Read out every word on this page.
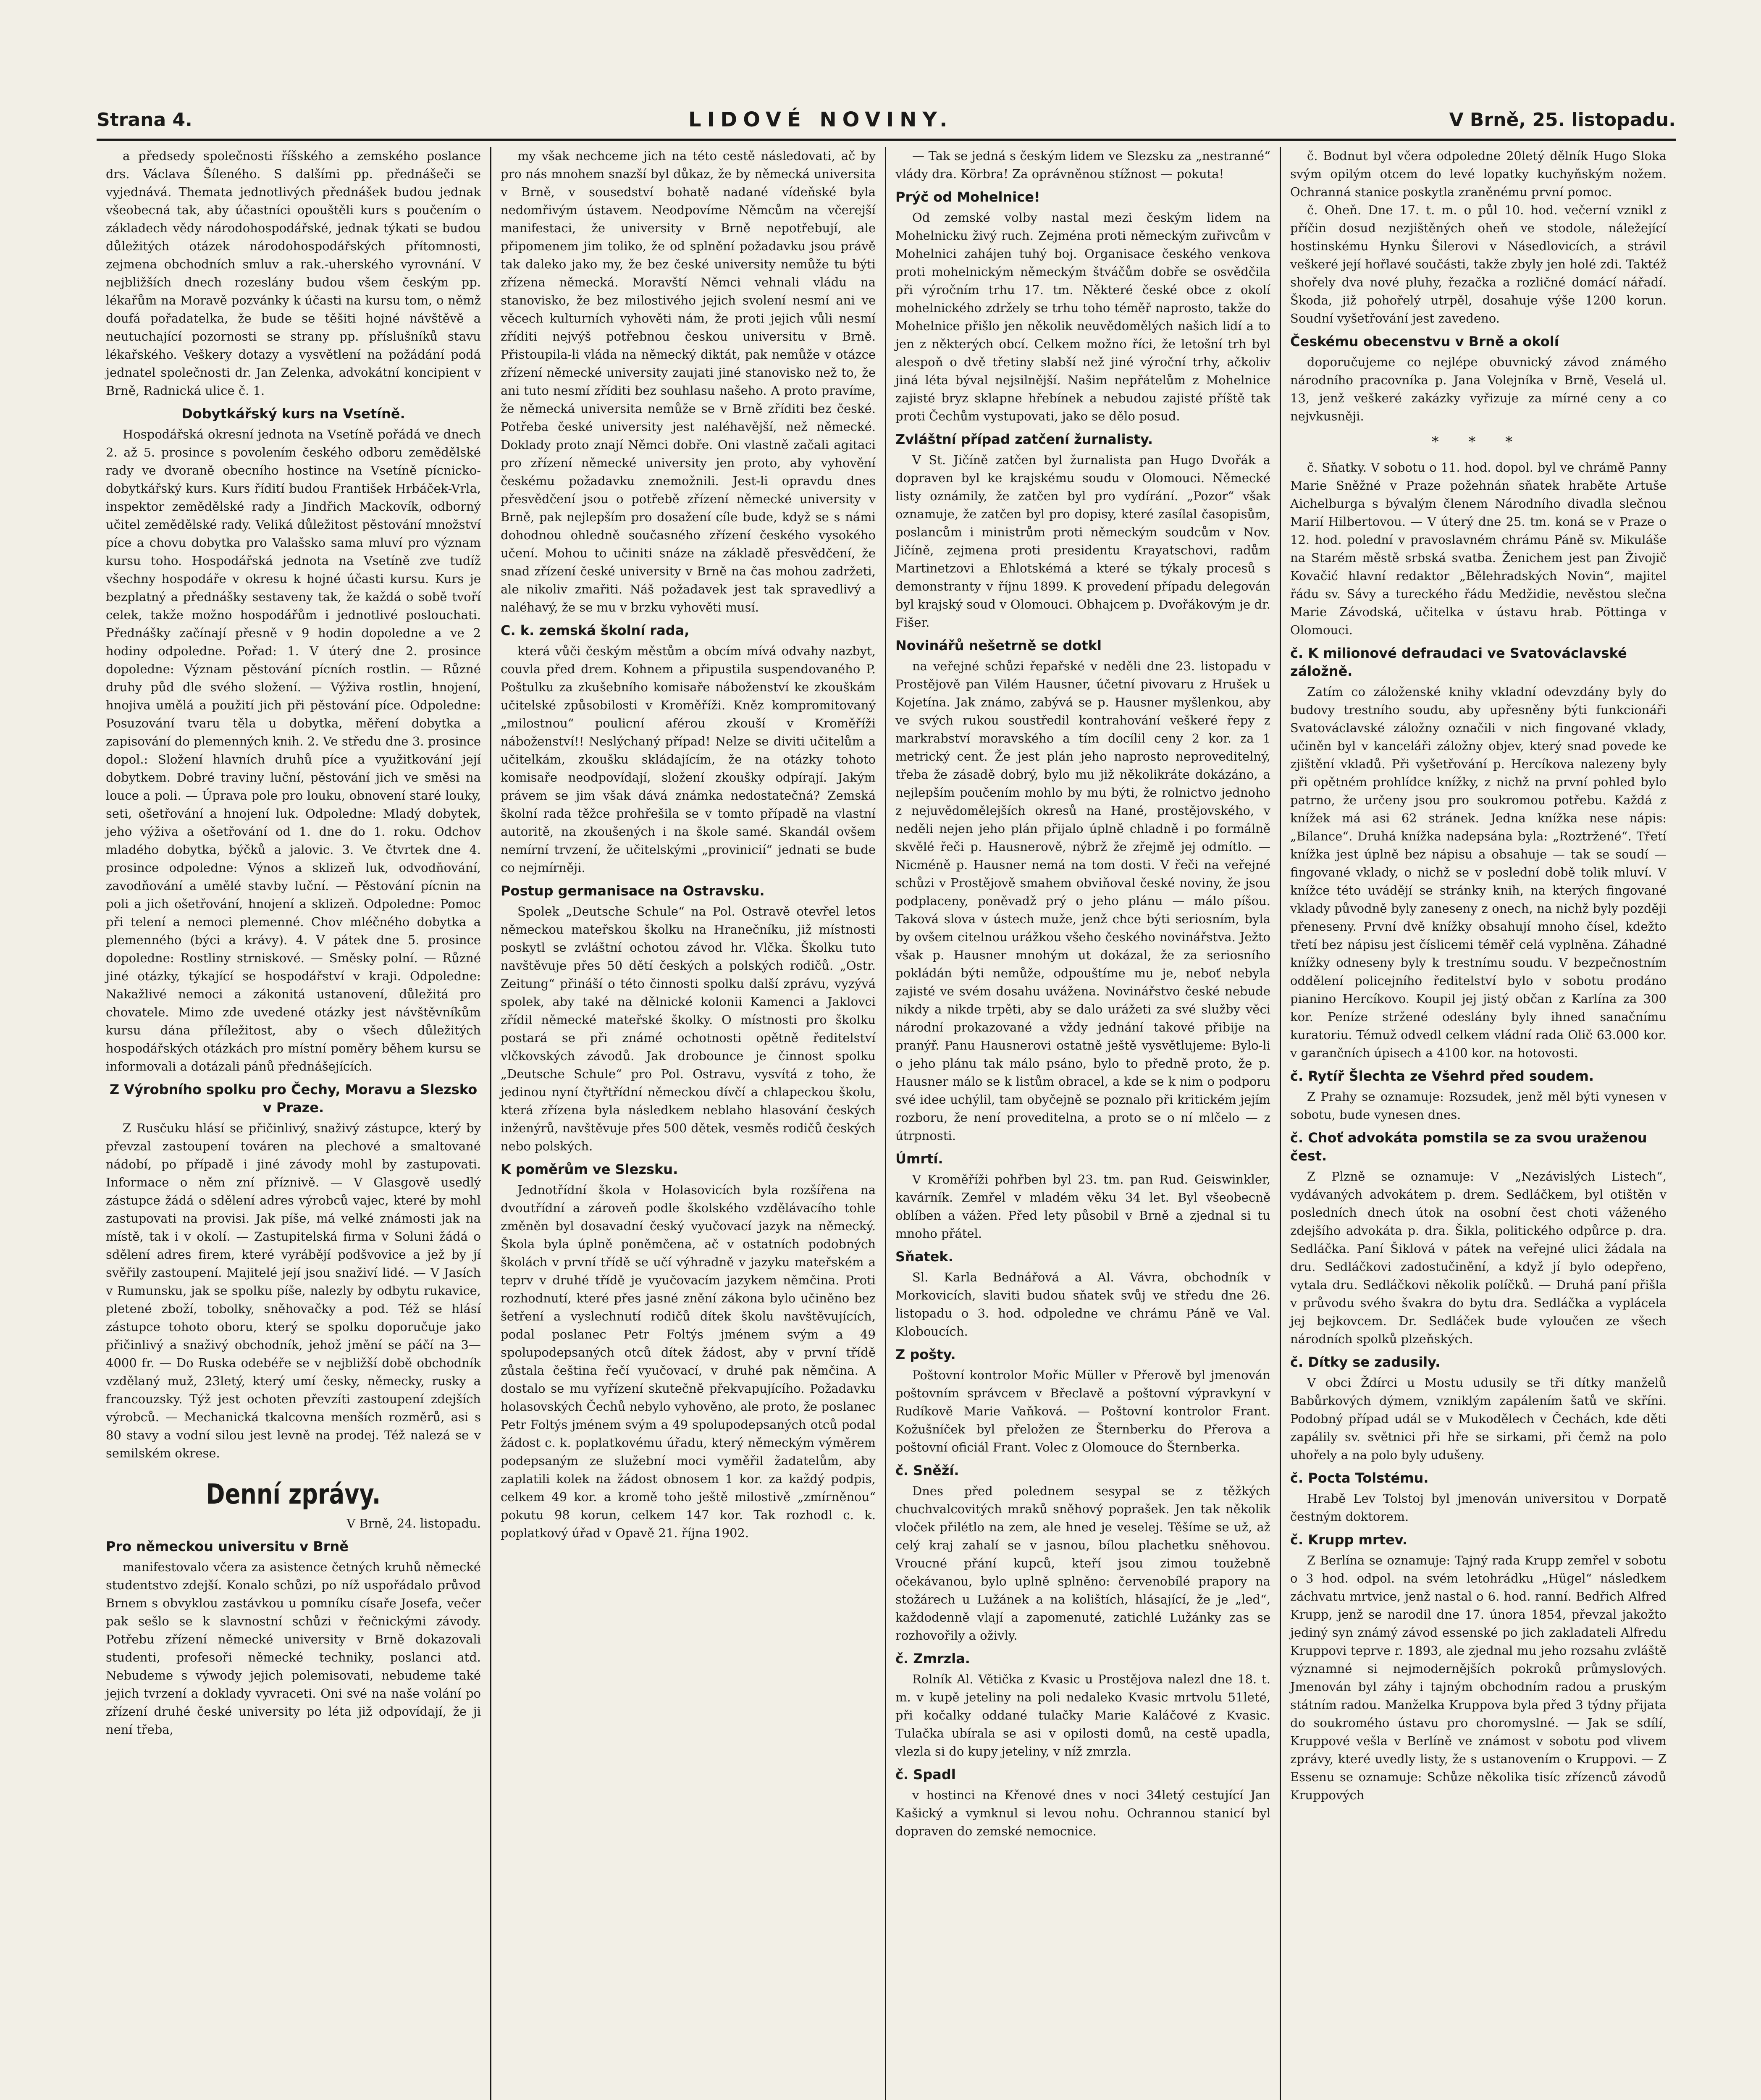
Strana 4.	LIDOVÉ NOVINY.	V Brně, 25. listopadu.

a předsedy společnosti říšského a zemského poslance drs. Václava Šíleného. S dalšími pp. přednášeči se vyjednává. Themata jednotlivých přednášek budou jednak všeobecná tak, aby účastníci opouštěli kurs s poučením o základech vědy národohospodářské, jednak týkati se budou důležitých otázek národohospodářských přítomnosti, zejmena obchodních smluv a rak.-uherského vyrovnání. V nejbližších dnech rozeslány budou všem českým pp. lékařům na Moravě pozvánky k účasti na kursu tom, o němž doufá pořadatelka, že bude se těšiti hojné návštěvě a neutuchající pozornosti se strany pp. příslušníků stavu lékařského. Veškery dotazy a vysvětlení na požádání podá jednatel společnosti dr. Jan Zelenka, advokátní koncipient v Brně, Radnická ulice č. 1.

Dobytkářský kurs na Vsetíně.

Hospodářská okresní jednota na Vsetíně pořádá ve dnech 2. až 5. prosince s povolením českého odboru zemědělské rady ve dvoraně obecního hostince na Vsetíně pícnicko-dobytkářský kurs. Kurs řídití budou František Hrbáček-Vrla, inspektor zemědělské rady a Jindřich Mackovík, odborný učitel zemědělské rady. Veliká důležitost pěstování množství píce a chovu dobytka pro Valašsko sama mluví pro význam kursu toho. Hospodářská jednota na Vsetíně zve tudíž všechny hospodáře v okresu k hojné účasti kursu. Kurs je bezplatný a přednášky sestaveny tak, že každá o sobě tvoří celek, takže možno hospodářům i jednotlivé poslouchati. Přednášky začínají přesně v 9 hodin dopoledne a ve 2 hodiny odpoledne. Pořad: 1. V úterý dne 2. prosince dopoledne: Význam pěstování pícních rostlin. — Různé druhy půd dle svého složení. — Výživa rostlin, hnojení, hnojiva umělá a použití jich při pěstování píce. Odpoledne: Posuzování tvaru těla u dobytka, měření dobytka a zapisování do plemenných knih. 2. Ve středu dne 3. prosince dopol.: Složení hlavních druhů píce a využitkování její dobytkem. Dobré traviny luční, pěstování jich ve směsi na louce a poli. — Úprava pole pro louku, obnovení staré louky, seti, ošetřování a hnojení luk. Odpoledne: Mladý dobytek, jeho výživa a ošetřování od 1. dne do 1. roku. Odchov mladého dobytka, býčků a jalovic. 3. Ve čtvrtek dne 4. prosince odpoledne: Výnos a sklizeň luk, odvodňování, zavodňování a umělé stavby luční. — Pěstování pícnin na poli a jich ošetřování, hnojení a sklizeň. Odpoledne: Pomoc při telení a nemoci plemenné. Chov mléčného dobytka a plemenného (býci a krávy). 4. V pátek dne 5. prosince dopoledne: Rostliny strniskové. — Směsky polní. — Různé jiné otázky, týkající se hospodářství v kraji. Odpoledne: Nakažlivé nemoci a zákonitá ustanovení, důležitá pro chovatele. Mimo zde uvedené otázky jest návštěvníkům kursu dána příležitost, aby o všech důležitých hospodářských otázkách pro místní poměry během kursu se informovali a dotázali pánů přednášejících.

Z Výrobního spolku pro Čechy, Moravu a Slezsko v Praze.

Z Rusčuku hlásí se přičinlivý, snaživý zástupce, který by převzal zastoupení továren na plechové a smaltované nádobí, po případě i jiné závody mohl by zastupovati. Informace o něm zní příznivě. — V Glasgově usedlý zástupce žádá o sdělení adres výrobců vajec, které by mohl zastupovati na provisi. Jak píše, má velké známosti jak na místě, tak i v okolí. — Zastupitelská firma v Soluni žádá o sdělení adres firem, které vyrábějí podšvovice a jež by jí svěřily zastoupení. Majitelé její jsou snaživí lidé. — V Jasích v Rumunsku, jak se spolku píše, nalezly by odbytu rukavice, pletené zboží, tobolky, sněhovačky a pod. Též se hlásí zástupce tohoto oboru, který se spolku doporučuje jako přičinlivý a snaživý obchodník, jehož jmění se páčí na 3—4000 fr. — Do Ruska odebéře se v nejbližší době obchodník vzdělaný muž, 23letý, který umí česky, německy, rusky a francouzsky. Týž jest ochoten převzíti zastoupení zdejších výrobců. — Mechanická tkalcovna menších rozměrů, asi s 80 stavy a vodní silou jest levně na prodej. Též nalezá se v semilském okrese.

Denní zprávy.
V Brně, 24. listopadu.

Pro německou universitu v Brně

manifestovalo včera za asistence četných kruhů německé studentstvo zdejší. Konalo schůzi, po níž uspořádalo průvod Brnem s obvyklou zastávkou u pomníku císaře Josefa, večer pak sešlo se k slavnostní schůzi v řečnickými závody. Potřebu zřízení německé university v Brně dokazovali studenti, profesoři německé techniky, poslanci atd. Nebudeme s výwody jejich polemisovati, nebudeme také jejich tvrzení a doklady vyvraceti. Oni své na naše volání po zřízení druhé české university po léta již odpovídají, že ji není třeba,

my však nechceme jich na této cestě následovati, ač by pro nás mnohem snazší byl důkaz, že by německá universita v Brně, v sousedství bohatě nadané vídeňské byla nedomřivým ústavem. Neodpovíme Němcům na včerejší manifestaci, že university v Brně nepotřebují, ale připomenem jim toliko, že od splnění požadavku jsou právě tak daleko jako my, že bez české university nemůže tu býti zřízena německá. Moravští Němci vehnali vládu na stanovisko, že bez milostivého jejich svolení nesmí ani ve věcech kulturních vyhověti nám, že proti jejich vůli nesmí zříditi nejvýš potřebnou českou universitu v Brně. Přistoupila-li vláda na německý diktát, pak nemůže v otázce zřízení německé university zaujati jiné stanovisko než to, že ani tuto nesmí zříditi bez souhlasu našeho. A proto pravíme, že německá universita nemůže se v Brně zříditi bez české. Potřeba české university jest naléhavější, než německé. Doklady proto znají Němci dobře. Oni vlastně začali agitaci pro zřízení německé university jen proto, aby vyhovění českému požadavku znemožnili. Jest-li opravdu dnes přesvědčení jsou o potřebě zřízení německé university v Brně, pak nejlepším pro dosažení cíle bude, když se s námi dohodnou ohledně současného zřízení českého vysokého učení. Mohou to učiniti snáze na základě přesvědčení, že snad zřízení české university v Brně na čas mohou zadržeti, ale nikoliv zmařiti. Náš požadavek jest tak spravedlivý a naléhavý, že se mu v brzku vyhověti musí.

C. k. zemská školní rada,

která vůči českým městům a obcím mívá odvahy nazbyt, couvla před drem. Kohnem a připustila suspendovaného P. Poštulku za zkušebního komisaře náboženství ke zkouškám učitelské způsobilosti v Kroměříži. Kněz kompromitovaný „milostnou“ poulicní aférou zkouší v Kroměříži náboženství!! Neslýchaný případ! Nelze se diviti učitelům a učitelkám, zkoušku skládajícím, že na otázky tohoto komisaře neodpovídají, složení zkoušky odpírají. Jakým právem se jim však dává známka nedostatečná? Zemská školní rada těžce prohřešila se v tomto případě na vlastní autoritě, na zkoušených i na škole samé. Skandál ovšem nemírní trvzení, že učitelskými „provinicií“ jednati se bude co nejmírněji.

Postup germanisace na Ostravsku.

Spolek „Deutsche Schule“ na Pol. Ostravě otevřel letos německou mateřskou školku na Hranečníku, již místnosti poskytl se zvláštní ochotou závod hr. Vlčka. Školku tuto navštěvuje přes 50 dětí českých a polských rodičů. „Ostr. Zeitung“ přináší o této činnosti spolku další zprávu, vyzývá spolek, aby také na dělnické kolonii Kamenci a Jaklovci zřídil německé mateřské školky. O místnosti pro školku postará se při známé ochotnosti opětně ředitelství vlčkovských závodů. Jak drobounce je činnost spolku „Deutsche Schule“ pro Pol. Ostravu, vysvítá z toho, že jedinou nyní čtyřtřídní německou dívčí a chlapeckou školu, která zřízena byla následkem neblaho hlasování českých inženýrů, navštěvuje přes 500 dětek, vesměs rodičů českých nebo polských.

K poměrům ve Slezsku.

Jednotřídní škola v Holasovicích byla rozšířena na dvoutřídní a zároveň podle školského vzdělávacího tohle změněn byl dosavadní český vyučovací jazyk na německý. Škola byla úplně poněmčena, ač v ostatních podobných školách v první třídě se učí výhradně v jazyku mateřském a teprv v druhé třídě je vyučovacím jazykem němčina. Proti rozhodnutí, které přes jasné znění zákona bylo učiněno bez šetření a vyslechnutí rodičů dítek školu navštěvujících, podal poslanec Petr Foltýs jménem svým a 49 spolupodepsaných otců dítek žádost, aby v první třídě zůstala čeština řečí vyučovací, v druhé pak němčina. A dostalo se mu vyřízení skutečně překvapujícího. Požadavku holasovských Čechů nebylo vyhověno, ale proto, že poslanec Petr Foltýs jménem svým a 49 spolupodepsaných otců podal žádost c. k. poplatkovému úřadu, který německým výměrem podepsaným ze služební moci vyměřil žadatelům, aby zaplatili kolek na žádost obnosem 1 kor. za každý podpis, celkem 49 kor. a kromě toho ještě milostivě „zmírněnou“ pokutu 98 korun, celkem 147 kor. Tak rozhodl c. k. poplatkový úřad v Opavě 21. října 1902.

— Tak se jedná s českým lidem ve Slezsku za „nestranné“ vlády dra. Körbra! Za oprávněnou stížnost — pokuta!

Prýč od Mohelnice!

Od zemské volby nastal mezi českým lidem na Mohelnicku živý ruch. Zejména proti německým zuřivcům v Mohelnici zahájen tuhý boj. Organisace českého venkova proti mohelnickým německým štváčům dobře se osvědčila při výročním trhu 17. tm. Některé české obce z okolí mohelnického zdržely se trhu toho téměř naprosto, takže do Mohelnice přišlo jen několik neuvědomělých našich lidí a to jen z některých obcí. Celkem možno říci, že letošní trh byl alespoň o dvě třetiny slabší než jiné výroční trhy, ačkoliv jiná léta býval nejsilnější. Našim nepřátelům z Mohelnice zajisté bryz sklapne hřebínek a nebudou zajisté příště tak proti Čechům vystupovati, jako se dělo posud.

Zvláštní případ zatčení žurnalisty.

V St. Jičíně zatčen byl žurnalista pan Hugo Dvořák a dopraven byl ke krajskému soudu v Olomouci. Německé listy oznámily, že zatčen byl pro vydírání. „Pozor“ však oznamuje, že zatčen byl pro dopisy, které zasílal časopisům, poslancům i ministrům proti německým soudcům v Nov. Jičíně, zejmena proti presidentu Krayatschovi, radům Martinetzovi a Ehlotskémá a které se týkaly procesů s demonstranty v říjnu 1899. K provedení případu delegován byl krajský soud v Olomouci. Obhajcem p. Dvořákovým je dr. Fišer.

Novinářů nešetrně se dotkl

na veřejné schůzi řepařské v neděli dne 23. listopadu v Prostějově pan Vilém Hausner, účetní pivovaru z Hrušek u Kojetína. Jak známo, zabývá se p. Hausner myšlenkou, aby ve svých rukou soustředil kontrahování veškeré řepy z markrabství moravského a tím docílil ceny 2 kor. za 1 metrický cent. Že jest plán jeho naprosto neproveditelný, třeba že zásadě dobrý, bylo mu již několikráte dokázáno, a nejlepším poučením mohlo by mu býti, že rolnictvo jednoho z nejuvědomělejších okresů na Hané, prostějovského, v neděli nejen jeho plán přijalo úplně chladně i po formálně skvělé řeči p. Hausnerově, nýbrž že zřejmě jej odmítlo. — Nicméně p. Hausner nemá na tom dosti. V řeči na veřejné schůzi v Prostějově smahem obviňoval české noviny, že jsou podplaceny, poněvadž prý o jeho plánu — málo píšou. Taková slova v ústech muže, jenž chce býti seriosním, byla by ovšem citelnou urážkou všeho českého novinářstva. Ježto však p. Hausner mnohým ut dokázal, že za seriosního pokládán býti nemůže, odpouštíme mu je, neboť nebyla zajisté ve svém dosahu uvážena. Novinářstvo české nebude nikdy a nikde trpěti, aby se dalo urážeti za své služby věci národní prokazované a vždy jednání takové přibije na pranýř. Panu Hausnerovi ostatně ještě vysvětlujeme: Bylo-li o jeho plánu tak málo psáno, bylo to předně proto, že p. Hausner málo se k listům obracel, a kde se k nim o podporu své idee uchýlil, tam obyčejně se poznalo při kritickém jejím rozboru, že není proveditelna, a proto se o ní mlčelo — z útrpnosti.

Úmrtí.

V Kroměříži pohřben byl 23. tm. pan Rud. Geiswinkler, kavárník. Zemřel v mladém věku 34 let. Byl všeobecně oblíben a vážen. Před lety působil v Brně a zjednal si tu mnoho přátel.

Sňatek.

Sl. Karla Bednářová a Al. Vávra, obchodník v Morkovicích, slaviti budou sňatek svůj ve středu dne 26. listopadu o 3. hod. odpoledne ve chrámu Páně ve Val. Kloboucích.

Z pošty.

Poštovní kontrolor Mořic Müller v Přerově byl jmenován poštovním správcem v Břeclavě a poštovní výpravkyní v Rudíkově Marie Vaňková. — Poštovní kontrolor Frant. Kožušníček byl přeložen ze Šternberku do Přerova a poštovní oficiál Frant. Volec z Olomouce do Šternberka.

č. Sněží.

Dnes před polednem sesypal se z těžkých chuchvalcovitých mraků sněhový poprašek. Jen tak několik vloček přilétlo na zem, ale hned je veselej. Těšíme se už, až celý kraj zahalí se v jasnou, bílou plachetku sněhovou. Vroucné přání kupců, kteří jsou zimou toužebně očekávanou, bylo uplně splněno: červenobílé prapory na stožárech u Lužánek a na kolištích, hlásající, že je „led“, každodenně vlají a zapomenuté, zatichlé Lužánky zas se rozhovořily a oživly.

č. Zmrzla.

Rolník Al. Větička z Kvasic u Prostějova nalezl dne 18. t. m. v kupě jeteliny na poli nedaleko Kvasic mrtvolu 51leté, při kočalky oddané tulačky Marie Kaláčové z Kvasic. Tulačka ubírala se asi v opilosti domů, na cestě upadla, vlezla si do kupy jeteliny, v níž zmrzla.

č. Spadl

v hostinci na Křenové dnes v noci 34letý cestující Jan Kašický a vymknul si levou nohu. Ochrannou stanicí byl dopraven do zemské nemocnice.

č. Bodnut byl včera odpoledne 20letý dělník Hugo Sloka svým opilým otcem do levé lopatky kuchyňským nožem. Ochranná stanice poskytla zraněnému první pomoc.

č. Oheň. Dne 17. t. m. o půl 10. hod. večerní vznikl z příčin dosud nezjištěných oheň ve stodole, náležející hostinskému Hynku Šilerovi v Násedlovicích, a strávil veškeré její hořlavé součásti, takže zbyly jen holé zdi. Taktéž shořely dva nové pluhy, řezačka a rozličné domácí nářadí. Škoda, již pohořelý utrpěl, dosahuje výše 1200 korun. Soudní vyšetřování jest zavedeno.

Českému obecenstvu v Brně a okolí

doporučujeme co nejlépe obuvnický závod známého národního pracovníka p. Jana Volejníka v Brně, Veselá ul. 13, jenž veškeré zakázky vyřizuje za mírné ceny a co nejvkusněji.

* * *

č. Sňatky. V sobotu o 11. hod. dopol. byl ve chrámě Panny Marie Sněžné v Praze požehnán sňatek hraběte Artuše Aichelburga s bývalým členem Národního divadla slečnou Marií Hilbertovou. — V úterý dne 25. tm. koná se v Praze o 12. hod. polední v pravoslavném chrámu Páně sv. Mikuláše na Starém městě srbská svatba. Ženichem jest pan Živojič Kovačić hlavní redaktor „Bělehradských Novin“, majitel řádu sv. Sávy a tureckého řádu Medžidie, nevěstou slečna Marie Závodská, učitelka v ústavu hrab. Pöttinga v Olomouci.

č. K milionové defraudaci ve Svatováclavské záložně.

Zatím co záloženské knihy vkladní odevzdány byly do budovy trestního soudu, aby upřesněny býti funkcionáři Svatováclavské záložny označili v nich fingované vklady, učiněn byl v kanceláři záložny objev, který snad povede ke zjištění vkladů. Při vyšetřování p. Hercíkova nalezeny byly při opětném prohlídce knížky, z nichž na první pohled bylo patrno, že určeny jsou pro soukromou potřebu. Každá z knížek má asi 62 stránek. Jedna knížka nese nápis: „Bilance“. Druhá knížka nadepsána byla: „Roztržené“. Třetí knížka jest úplně bez nápisu a obsahuje — tak se soudí — fingované vklady, o nichž se v poslední době tolik mluví. V knížce této uvádějí se stránky knih, na kterých fingované vklady původně byly zaneseny z onech, na nichž byly později přeneseny. První dvě knížky obsahují mnoho čísel, kdežto třetí bez nápisu jest číslicemi téměř celá vyplněna. Záhadné knížky odneseny byly k trestnímu soudu. V bezpečnostním oddělení policejního ředitelství bylo v sobotu prodáno pianino Hercíkovo. Koupil jej jistý občan z Karlína za 300 kor. Peníze stržené odeslány byly ihned sanačnímu kuratoriu. Témuž odvedl celkem vládní rada Olič 63.000 kor. v garančních úpisech a 4100 kor. na hotovosti.

č. Rytíř Šlechta ze Všehrd před soudem.

Z Prahy se oznamuje: Rozsudek, jenž měl býti vynesen v sobotu, bude vynesen dnes.

č. Choť advokáta pomstila se za svou uraženou čest.

Z Plzně se oznamuje: V „Nezávislých Listech“, vydávaných advokátem p. drem. Sedláčkem, byl otištěn v posledních dnech útok na osobní čest choti váženého zdejšího advokáta p. dra. Šikla, politického odpůrce p. dra. Sedláčka. Paní Šiklová v pátek na veřejné ulici žádala na dru. Sedláčkovi zadostučinění, a když jí bylo odepřeno, vytala dru. Sedláčkovi několik políčků. — Druhá paní přišla v průvodu svého švakra do bytu dra. Sedláčka a vyplácela jej bejkovcem. Dr. Sedláček bude vyloučen ze všech národních spolků plzeňských.

č. Dítky se zadusily.

V obci Ždírci u Mostu udusily se tři dítky manželů Babůrkových dýmem, vzniklým zapálením šatů ve skříni. Podobný případ udál se v Mukodělech v Čechách, kde děti zapálily sv. světnici při hře se sirkami, při čemž na polo uhořely a na polo byly udušeny.

č. Pocta Tolstému.

Hrabě Lev Tolstoj byl jmenován universitou v Dorpatě čestným doktorem.

č. Krupp mrtev.

Z Berlína se oznamuje: Tajný rada Krupp zemřel v sobotu o 3 hod. odpol. na svém letohrádku „Hügel“ následkem záchvatu mrtvice, jenž nastal o 6. hod. ranní. Bedřich Alfred Krupp, jenž se narodil dne 17. února 1854, převzal jakožto jediný syn známý závod essenské po jich zakladateli Alfredu Kruppovi teprve r. 1893, ale zjednal mu jeho rozsahu zvláště významné si nejmodernějších pokroků průmyslových. Jmenován byl záhy i tajným obchodním radou a pruským státním radou. Manželka Kruppova byla před 3 týdny přijata do soukromého ústavu pro choromyslné. — Jak se sdílí, Kruppové vešla v Berlíně ve známost v sobotu pod vlivem zprávy, které uvedly listy, že s ustanovením o Kruppovi. — Z Essenu se oznamuje: Schůze několika tisíc zřízenců závodů Kruppových
